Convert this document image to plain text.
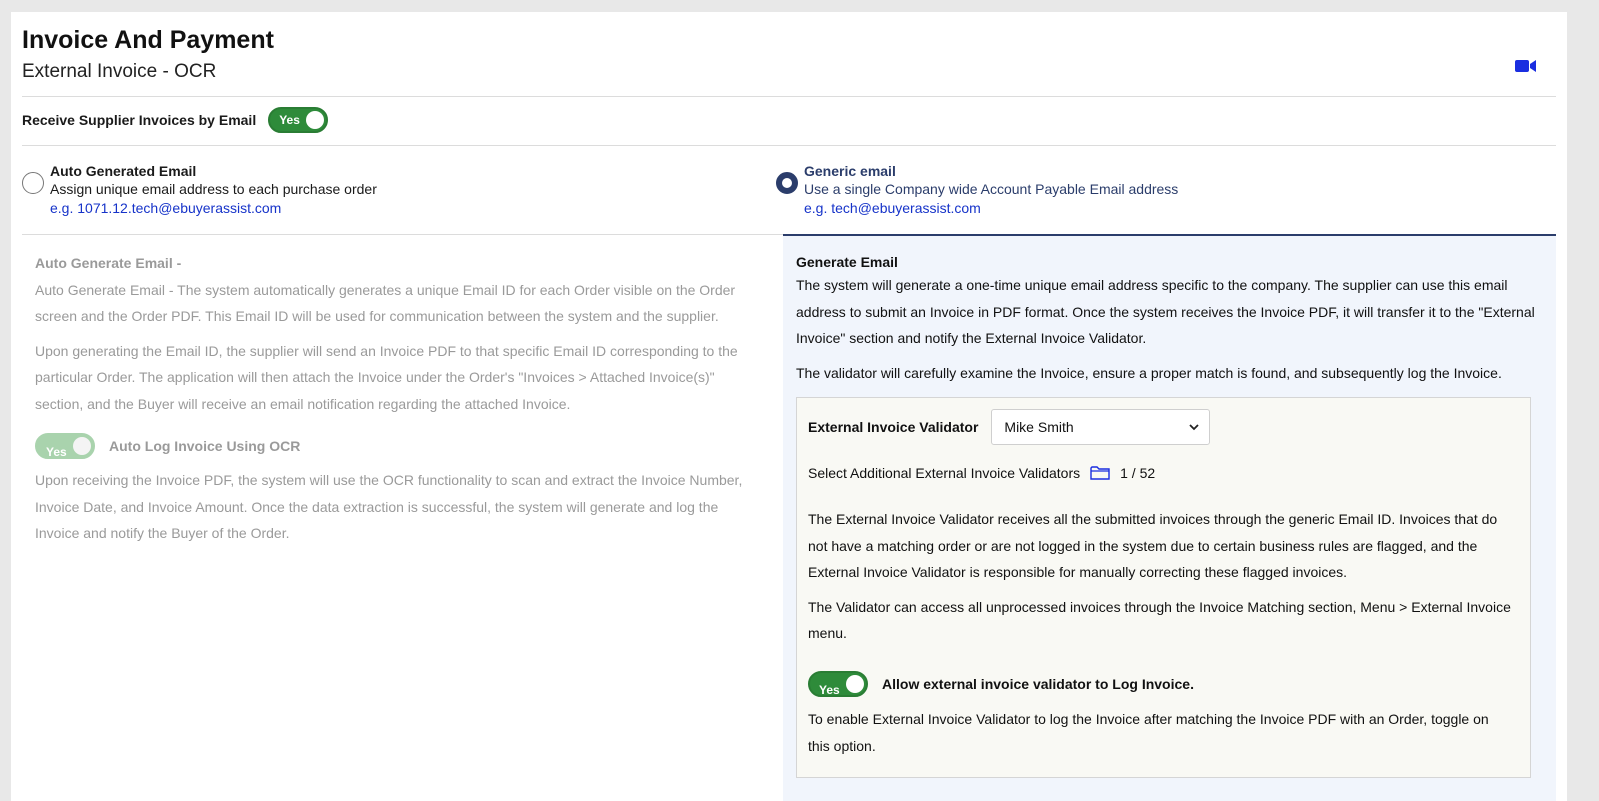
Invoice And Payment
External Invoice - OCR
Receive Supplier Invoices by Email Yes
Auto Generated Email
Assign unique email address to each purchase order
e.g. 1071.12.tech@ebuyerassist.com
Generic email
Use a single Company wide Account Payable Email address
e.g. tech@ebuyerassist.com
Auto Generate Email -

Auto Generate Email - The system automatically generates a unique Email ID for each Order visible on the Order screen and the Order PDF. This Email ID will be used for communication between the system and the supplier.

Upon generating the Email ID, the supplier will send an Invoice PDF to that specific Email ID corresponding to the particular Order. The application will then attach the Invoice under the Order's "Invoices > Attached Invoice(s)" section, and the Buyer will receive an email notification regarding the attached Invoice.

Yes	Auto Log Invoice Using OCR

Upon receiving the Invoice PDF, the system will use the OCR functionality to scan and extract the Invoice Number, Invoice Date, and Invoice Amount. Once the data extraction is successful, the system will generate and log the Invoice and notify the Buyer of the Order.

Generate Email

The system will generate a one-time unique email address specific to the company. The supplier can use this email address to submit an Invoice in PDF format. Once the system receives the Invoice PDF, it will transfer it to the "External Invoice" section and notify the External Invoice Validator.

The validator will carefully examine the Invoice, ensure a proper match is found, and subsequently log the Invoice.

External Invoice Validator Mike Smith
Select Additional External Invoice Validators	1 / 52

The External Invoice Validator receives all the submitted invoices through the generic Email ID. Invoices that do not have a matching order or are not logged in the system due to certain business rules are flagged, and the External Invoice Validator is responsible for manually correcting these flagged invoices.

The Validator can access all unprocessed invoices through the Invoice Matching section, Menu > External Invoice menu.

Yes	Allow external invoice validator to Log Invoice.
To enable External Invoice Validator to log the Invoice after matching the Invoice PDF with an Order, toggle on this option.
